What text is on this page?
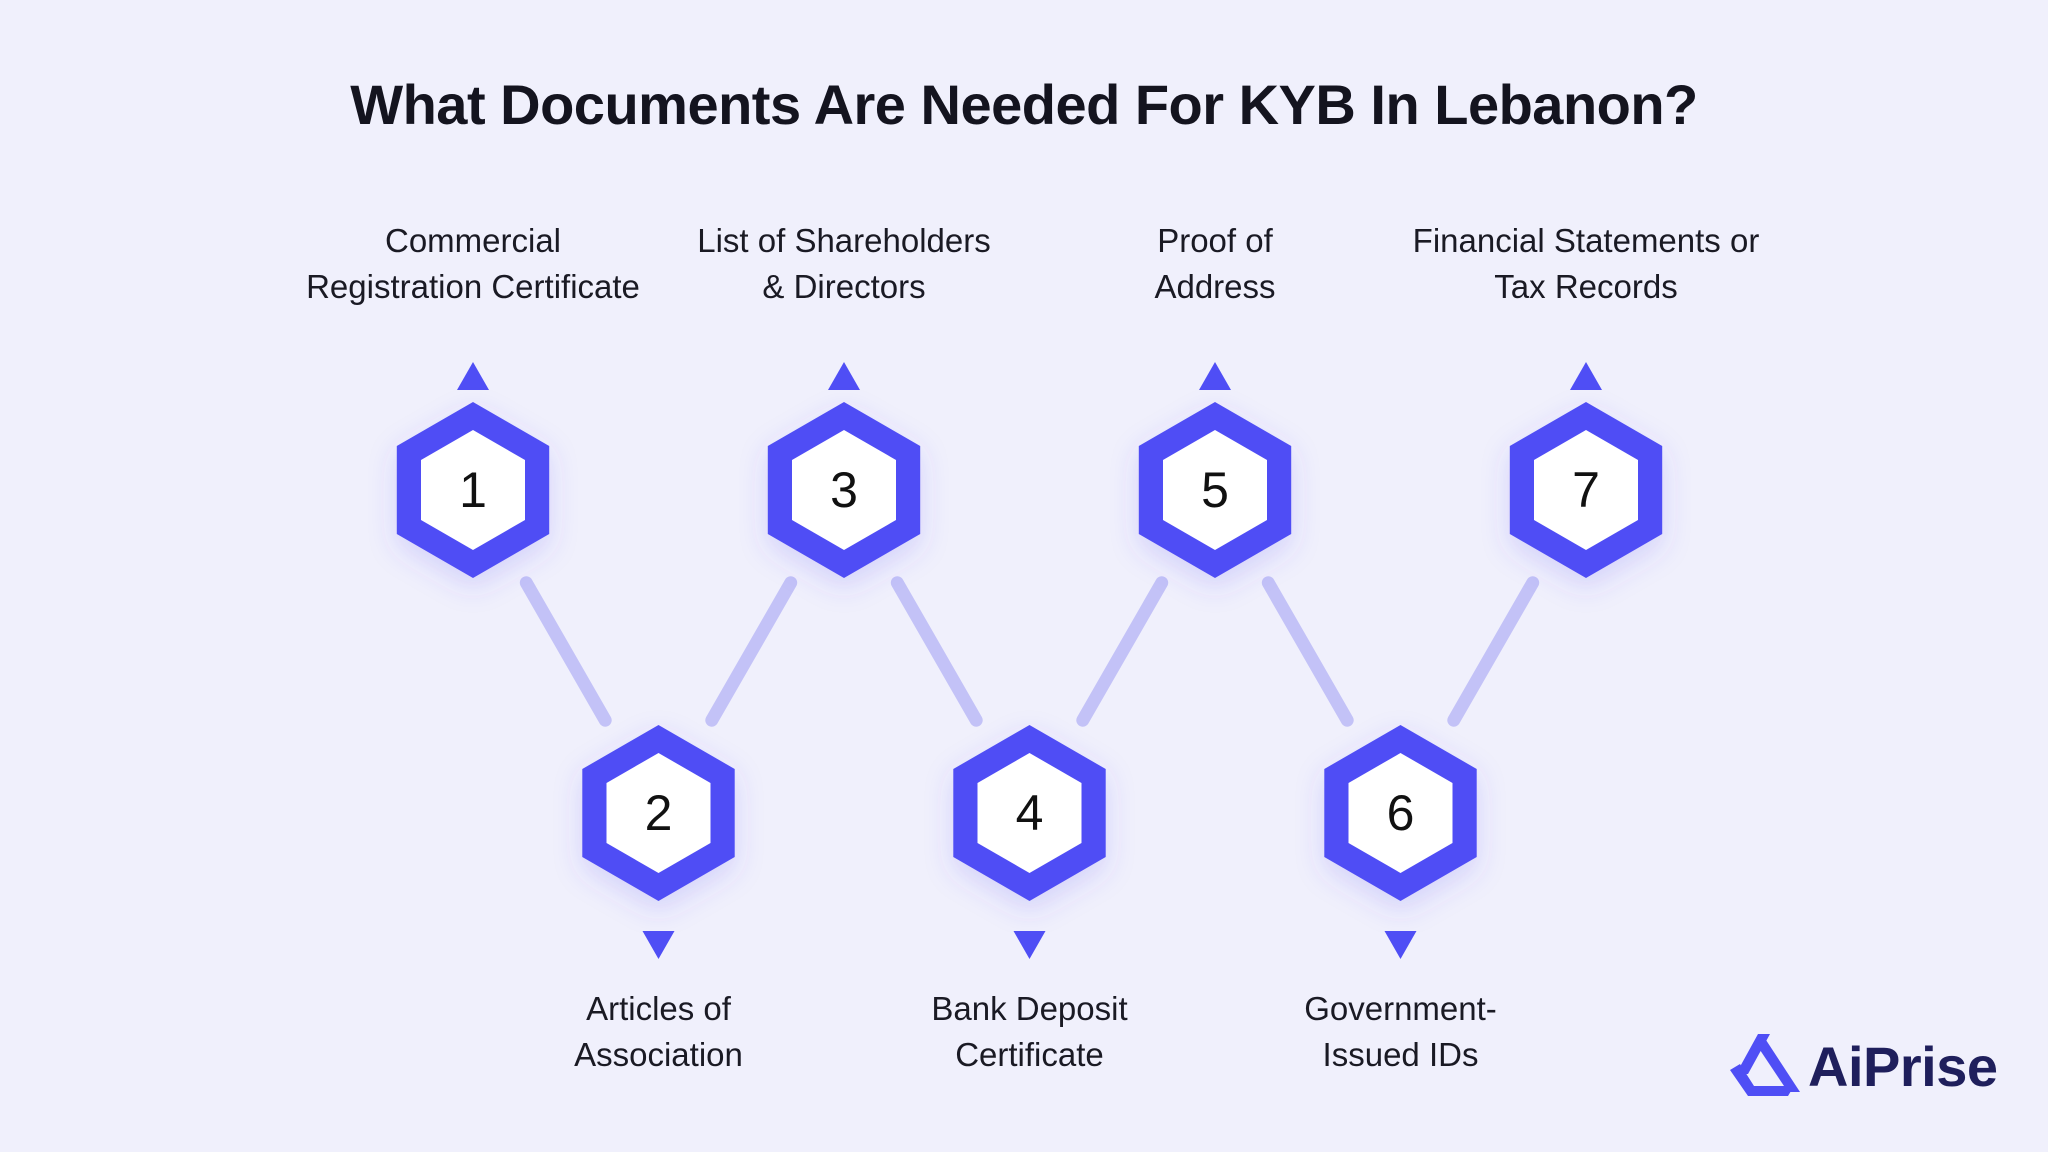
What Documents Are Needed For KYB In Lebanon?
1
2
3
4
5
6
7
Commercial
Registration Certificate
Articles of
Association
List of Shareholders
& Directors
Bank Deposit
Certificate
Proof of
Address
Government-
Issued IDs
Financial Statements or
Tax Records
AiPrise
